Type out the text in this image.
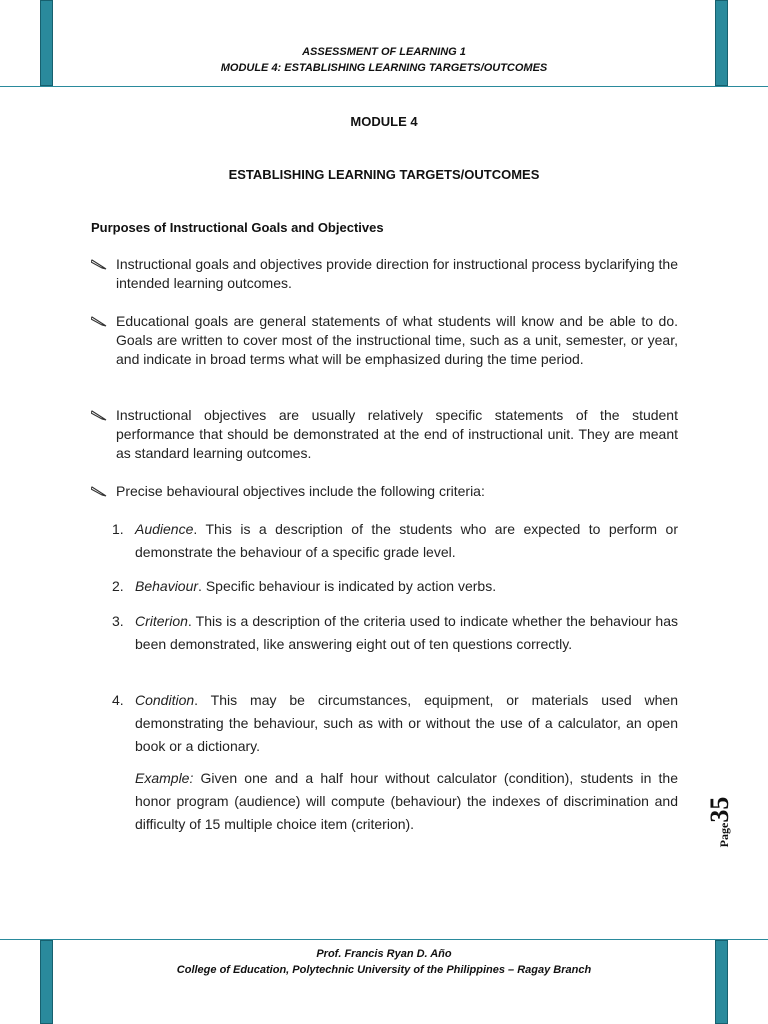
ASSESSMENT OF LEARNING 1
MODULE 4: ESTABLISHING LEARNING TARGETS/OUTCOMES
MODULE 4
ESTABLISHING LEARNING TARGETS/OUTCOMES
Purposes of Instructional Goals and Objectives
Instructional goals and objectives provide direction for instructional process byclarifying the intended learning outcomes.
Educational goals are general statements of what students will know and be able to do. Goals are written to cover most of the instructional time, such as a unit, semester, or year, and indicate in broad terms what will be emphasized during the time period.
Instructional objectives are usually relatively specific statements of the student performance that should be demonstrated at the end of instructional unit. They are meant as standard learning outcomes.
Precise behavioural objectives include the following criteria:
1. Audience. This is a description of the students who are expected to perform or demonstrate the behaviour of a specific grade level.
2. Behaviour. Specific behaviour is indicated by action verbs.
3. Criterion. This is a description of the criteria used to indicate whether the behaviour has been demonstrated, like answering eight out of ten questions correctly.
4. Condition. This may be circumstances, equipment, or materials used when demonstrating the behaviour, such as with or without the use of a calculator, an open book or a dictionary.
Example: Given one and a half hour without calculator (condition), students in the honor program (audience) will compute (behaviour) the indexes of discrimination and difficulty of 15 multiple choice item (criterion).	Page35
Prof. Francis Ryan D. Año
College of Education, Polytechnic University of the Philippines – Ragay Branch
